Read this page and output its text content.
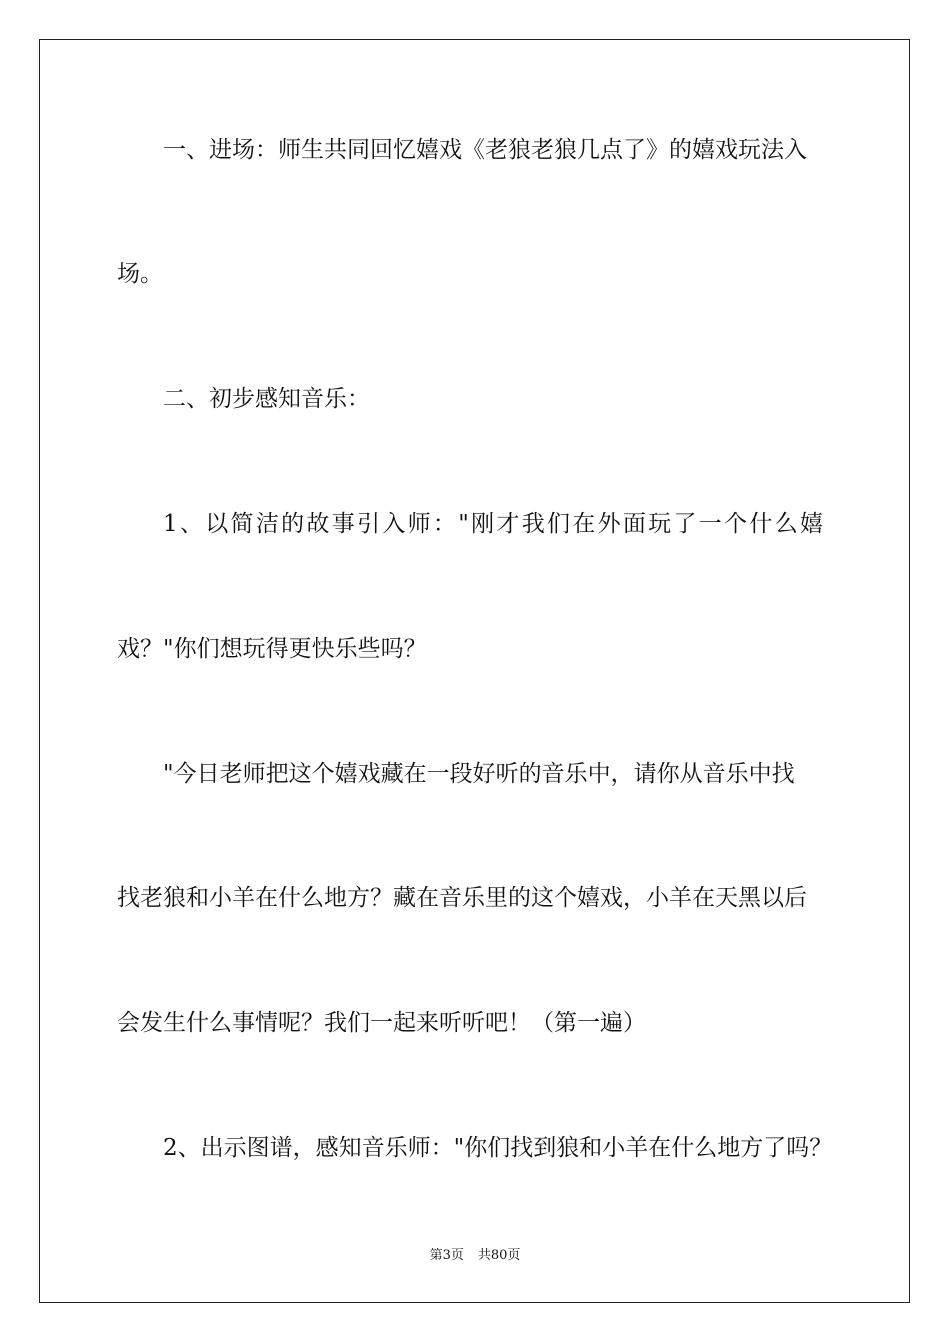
一、进场：师生共同回忆嬉戏《老狼老狼几点了》的嬉戏玩法入
场。
二、初步感知音乐：
1、以简洁的故事引入师："刚才我们在外面玩了一个什么嬉
戏？"你们想玩得更快乐些吗？
"今日老师把这个嬉戏藏在一段好听的音乐中，请你从音乐中找
找老狼和小羊在什么地方？藏在音乐里的这个嬉戏，小羊在天黑以后
会发生什么事情呢？我们一起来听听吧！（第一遍）
2、出示图谱，感知音乐师："你们找到狼和小羊在什么地方了吗？
第3页 共80页
